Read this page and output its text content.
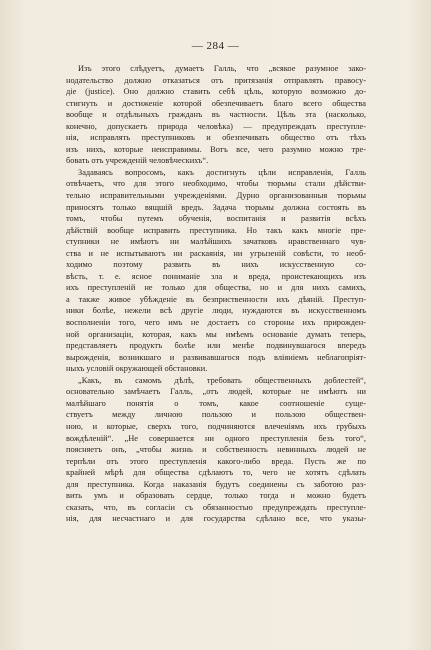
— 284 —
Изъ этого слѣдуетъ, думаетъ Галль, что „всякое разумное зако-
нодательство должно отказаться отъ притязанія отправлять правосу-
діе (justice). Оно должно ставить себѣ цѣль, которую возможно до-
стигнуть и достиженіе которой обезпечиваетъ благо всего общества
вообще и отдѣльныхъ гражданъ въ частности. Цѣль эта (насколько,
конечно, допускаетъ природа человѣка) — предупреждать преступле-
нія, исправлять преступниковъ и обезпечивать общество отъ тѣхъ
изъ нихъ, которые неисправимы. Вотъ все, чего разумно можно тре-
бовать отъ учрежденій человѣческихъ“.
Задаваясь вопросомъ, какъ достигнуть цѣли исправленія, Галль
отвѣчаетъ, что для этого необходимо, чтобы тюрьмы стали дѣйстви-
тельно исправительными учрежденіями. Дурно организованныя тюрьмы
приносятъ только вящшій вредъ. Задача тюрьмы должна состоять въ
томъ, чтобы путемъ обученія, воспитанія и развитія всѣхъ
дѣйствій вообще исправить преступника. Но такъ какъ многіе пре-
ступники не имѣютъ ни малѣйшихъ зачатковъ нравственнаго чув-
ства и не испытываютъ ни раскаянія, ни угрызеній совѣсти, то необ-
ходимо поэтому развить въ нихъ искусственную со-
вѣсть, т. е. ясное пониманіе зла и вреда, проистекающихъ изъ
ихъ преступленій не только для общества, но и для нихъ самихъ,
а также живое убѣжденіе въ безприственности ихъ дѣяній. Преступ-
ники болѣе, нежели всѣ другіе люди, нуждаются въ искусственномъ
восполненіи того, чего имъ не достаетъ со стороны ихъ прирожден-
ной организаціи, которая, какъ мы имѣемъ основаніе думать теперь,
представляетъ продуктъ болѣе или менѣе подвинувшагося впередъ
вырожденія, возникшаго и развивавшагося подъ вліяніемъ неблагопріят-
ныхъ условій окружающей обстановки.
„Какъ, въ самомъ дѣлѣ, требовать общественныхъ доблестей“,
основательно замѣчаетъ Галль, „отъ людей, которые не имѣютъ ни
малѣйшаго понятія о томъ, какое соотношеніе суще-
ствуетъ между личною пользою и пользою обществен-
ною, и которые, сверхъ того, подчиняются влеченіямъ ихъ грубыхъ
вождѣленій“. „Не совершается ни одного преступленія безъ того“,
поясняетъ онъ, „чтобы жизнь и собственность невинныхъ людей не
терпѣли отъ этого преступленія какого-либо вреда. Пусть же по
крайней мѣрѣ для общества сдѣлаютъ то, чего не хотятъ сдѣлать
для преступника. Когда наказанія будутъ соединены съ заботою раз-
вить умъ и образовать сердце, только тогда и можно будетъ
сказать, что, въ согласіи съ обязанностью предупреждать преступле-
нія, для несчастнаго и для государства сдѣлано все, что указы-
